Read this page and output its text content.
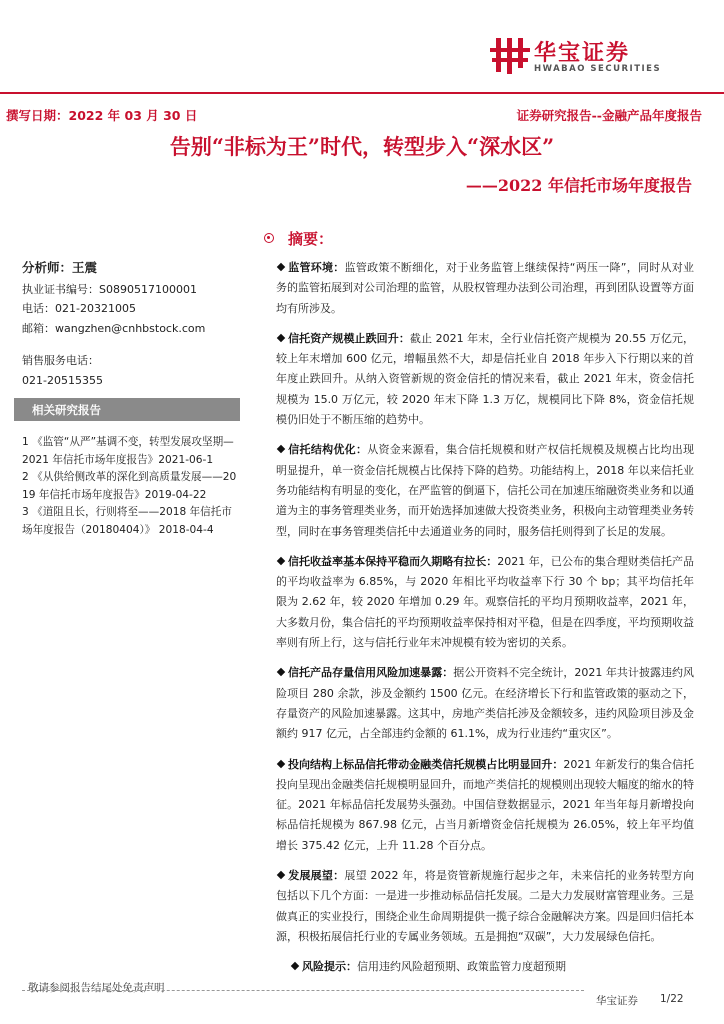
华宝证券
HWABAO SECURITIES
撰写日期：2022 年 03 月 30 日	证券研究报告--金融产品年度报告
告别“非标为王”时代，转型步入“深水区”
——2022 年信托市场年度报告
分析师：王震
执业证书编号：S0890517100001
电话：021-20321005
邮箱：wangzhen@cnhbstock.com
销售服务电话：
021-20515355
相关研究报告
1 《监管“从严”基调不变，转型发展攻坚期—2021 年信托市场年度报告》2021-06-1
2 《从供给侧改革的深化到高质量发展——2019 年信托市场年度报告》2019-04-22
3 《道阻且长，行则将至——2018 年信托市场年度报告（20180404）》 2018-04-4
摘要：
监管环境：监管政策不断细化，对于业务监管上继续保持“两压一降”，同时从对业务的监管拓展到对公司治理的监管，从股权管理办法到公司治理，再到团队设置等方面均有所涉及。
信托资产规模止跌回升：截止 2021 年末，全行业信托资产规模为 20.55 万亿元，较上年末增加 600 亿元，增幅虽然不大，却是信托业自 2018 年步入下行期以来的首年度止跌回升。从纳入资管新规的资金信托的情况来看，截止 2021 年末，资金信托规模为 15.0 万亿元，较 2020 年末下降 1.3 万亿，规模同比下降 8%，资金信托规模仍旧处于不断压缩的趋势中。
信托结构优化：从资金来源看，集合信托规模和财产权信托规模及规模占比均出现明显提升，单一资金信托规模占比保持下降的趋势。功能结构上，2018 年以来信托业务功能结构有明显的变化，在严监管的倒逼下，信托公司在加速压缩融资类业务和以通道为主的事务管理类业务，而开始选择加速做大投资类业务，积极向主动管理类业务转型，同时在事务管理类信托中去通道业务的同时，服务信托则得到了长足的发展。
信托收益率基本保持平稳而久期略有拉长：2021 年，已公布的集合理财类信托产品的平均收益率为 6.85%，与 2020 年相比平均收益率下行 30 个 bp；其平均信托年限为 2.62 年，较 2020 年增加 0.29 年。观察信托的平均月预期收益率，2021 年，大多数月份，集合信托的平均预期收益率保持相对平稳，但是在四季度，平均预期收益率则有所上行，这与信托行业年末冲规模有较为密切的关系。
信托产品存量信用风险加速暴露：据公开资料不完全统计，2021 年共计披露违约风险项目 280 余款，涉及金额约 1500 亿元。在经济增长下行和监管政策的驱动之下，存量资产的风险加速暴露。这其中，房地产类信托涉及金额较多，违约风险项目涉及金额约 917 亿元，占全部违约金额的 61.1%，成为行业违约“重灾区”。
投向结构上标品信托带动金融类信托规模占比明显回升：2021 年新发行的集合信托投向呈现出金融类信托规模明显回升，而地产类信托的规模则出现较大幅度的缩水的特征。2021 年标品信托发展势头强劲。中国信登数据显示，2021 年当年每月新增投向标品信托规模为 867.98 亿元，占当月新增资金信托规模为 26.05%，较上年平均值增长 375.42 亿元，上升 11.28 个百分点。
发展展望：展望 2022 年，将是资管新规施行起步之年，未来信托的业务转型方向包括以下几个方面：一是进一步推动标品信托发展。二是大力发展财富管理业务。三是做真正的实业投行，围绕企业生命周期提供一揽子综合金融解决方案。四是回归信托本源，积极拓展信托行业的专属业务领域。五是拥抱“双碳”，大力发展绿色信托。
风险提示：信用违约风险超预期、政策监管力度超预期
敬请参阅报告结尾处免责声明
华宝证券 1/22
